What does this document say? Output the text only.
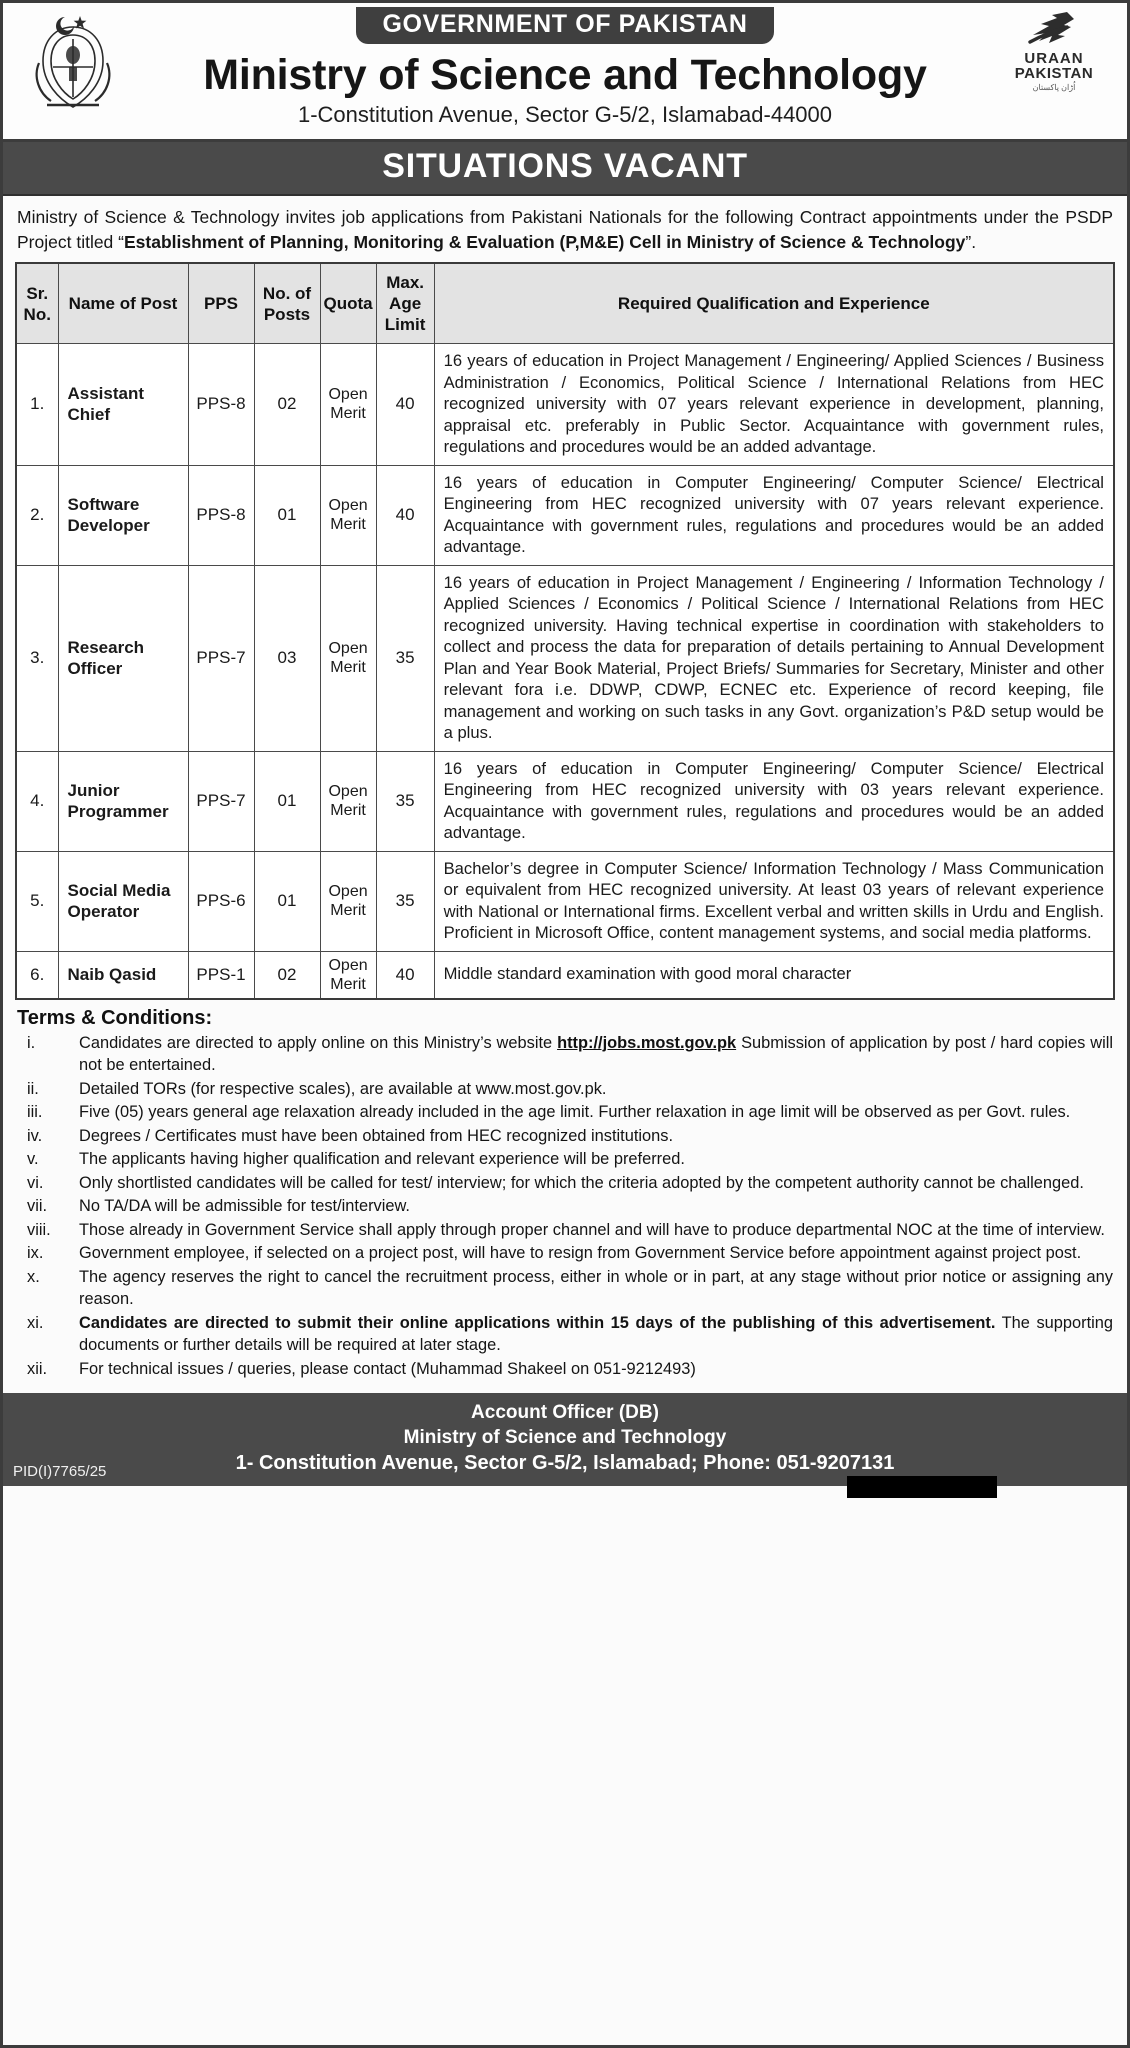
URAAN
PAKISTAN
اُڑان پاکستان
GOVERNMENT OF PAKISTAN
Ministry of Science and Technology
1-Constitution Avenue, Sector G-5/2, Islamabad-44000
SITUATIONS VACANT
Ministry of Science & Technology invites job applications from Pakistani Nationals for the following Contract appointments under the PSDP Project titled “Establishment of Planning, Monitoring & Evaluation (P,M&E) Cell in Ministry of Science & Technology”.
Sr. No.	Name of Post	PPS	No. of Posts	Quota	Max. Age Limit	Required Qualification and Experience
1.	Assistant Chief	PPS-8	02	Open Merit	40	16 years of education in Project Management / Engineering/ Applied Sciences / Business Administration / Economics, Political Science / International Relations from HEC recognized university with 07 years relevant experience in development, planning, appraisal etc. preferably in Public Sector. Acquaintance with government rules, regulations and procedures would be an added advantage.
2.	Software Developer	PPS-8	01	Open Merit	40	16 years of education in Computer Engineering/ Computer Science/ Electrical Engineering from HEC recognized university with 07 years relevant experience. Acquaintance with government rules, regulations and procedures would be an added advantage.
3.	Research Officer	PPS-7	03	Open Merit	35	16 years of education in Project Management / Engineering / Information Technology / Applied Sciences / Economics / Political Science / International Relations from HEC recognized university. Having technical expertise in coordination with stakeholders to collect and process the data for preparation of details pertaining to Annual Development Plan and Year Book Material, Project Briefs/ Summaries for Secretary, Minister and other relevant fora i.e. DDWP, CDWP, ECNEC etc. Experience of record keeping, file management and working on such tasks in any Govt. organization’s P&D setup would be a plus.
4.	Junior Programmer	PPS-7	01	Open Merit	35	16 years of education in Computer Engineering/ Computer Science/ Electrical Engineering from HEC recognized university with 03 years relevant experience. Acquaintance with government rules, regulations and procedures would be an added advantage.
5.	Social Media Operator	PPS-6	01	Open Merit	35	Bachelor’s degree in Computer Science/ Information Technology / Mass Communication or equivalent from HEC recognized university. At least 03 years of relevant experience with National or International firms. Excellent verbal and written skills in Urdu and English. Proficient in Microsoft Office, content management systems, and social media platforms.
6.	Naib Qasid	PPS-1	02	Open Merit	40	Middle standard examination with good moral character
Terms & Conditions:
i.	Candidates are directed to apply online on this Ministry’s website http://jobs.most.gov.pk Submission of application by post / hard copies will not be entertained.
ii.	Detailed TORs (for respective scales), are available at www.most.gov.pk.
iii.	Five (05) years general age relaxation already included in the age limit. Further relaxation in age limit will be observed as per Govt. rules.
iv.	Degrees / Certificates must have been obtained from HEC recognized institutions.
v.	The applicants having higher qualification and relevant experience will be preferred.
vi.	Only shortlisted candidates will be called for test/ interview; for which the criteria adopted by the competent authority cannot be challenged.
vii.	No TA/DA will be admissible for test/interview.
viii.	Those already in Government Service shall apply through proper channel and will have to produce departmental NOC at the time of interview.
ix.	Government employee, if selected on a project post, will have to resign from Government Service before appointment against project post.
x.	The agency reserves the right to cancel the recruitment process, either in whole or in part, at any stage without prior notice or assigning any reason.
xi.	Candidates are directed to submit their online applications within 15 days of the publishing of this advertisement. The supporting documents or further details will be required at later stage.
xii.	For technical issues / queries, please contact (Muhammad Shakeel on 051-9212493)
Account Officer (DB)
Ministry of Science and Technology
1- Constitution Avenue, Sector G-5/2, Islamabad; Phone: 051-9207131
PID(I)7765/25
